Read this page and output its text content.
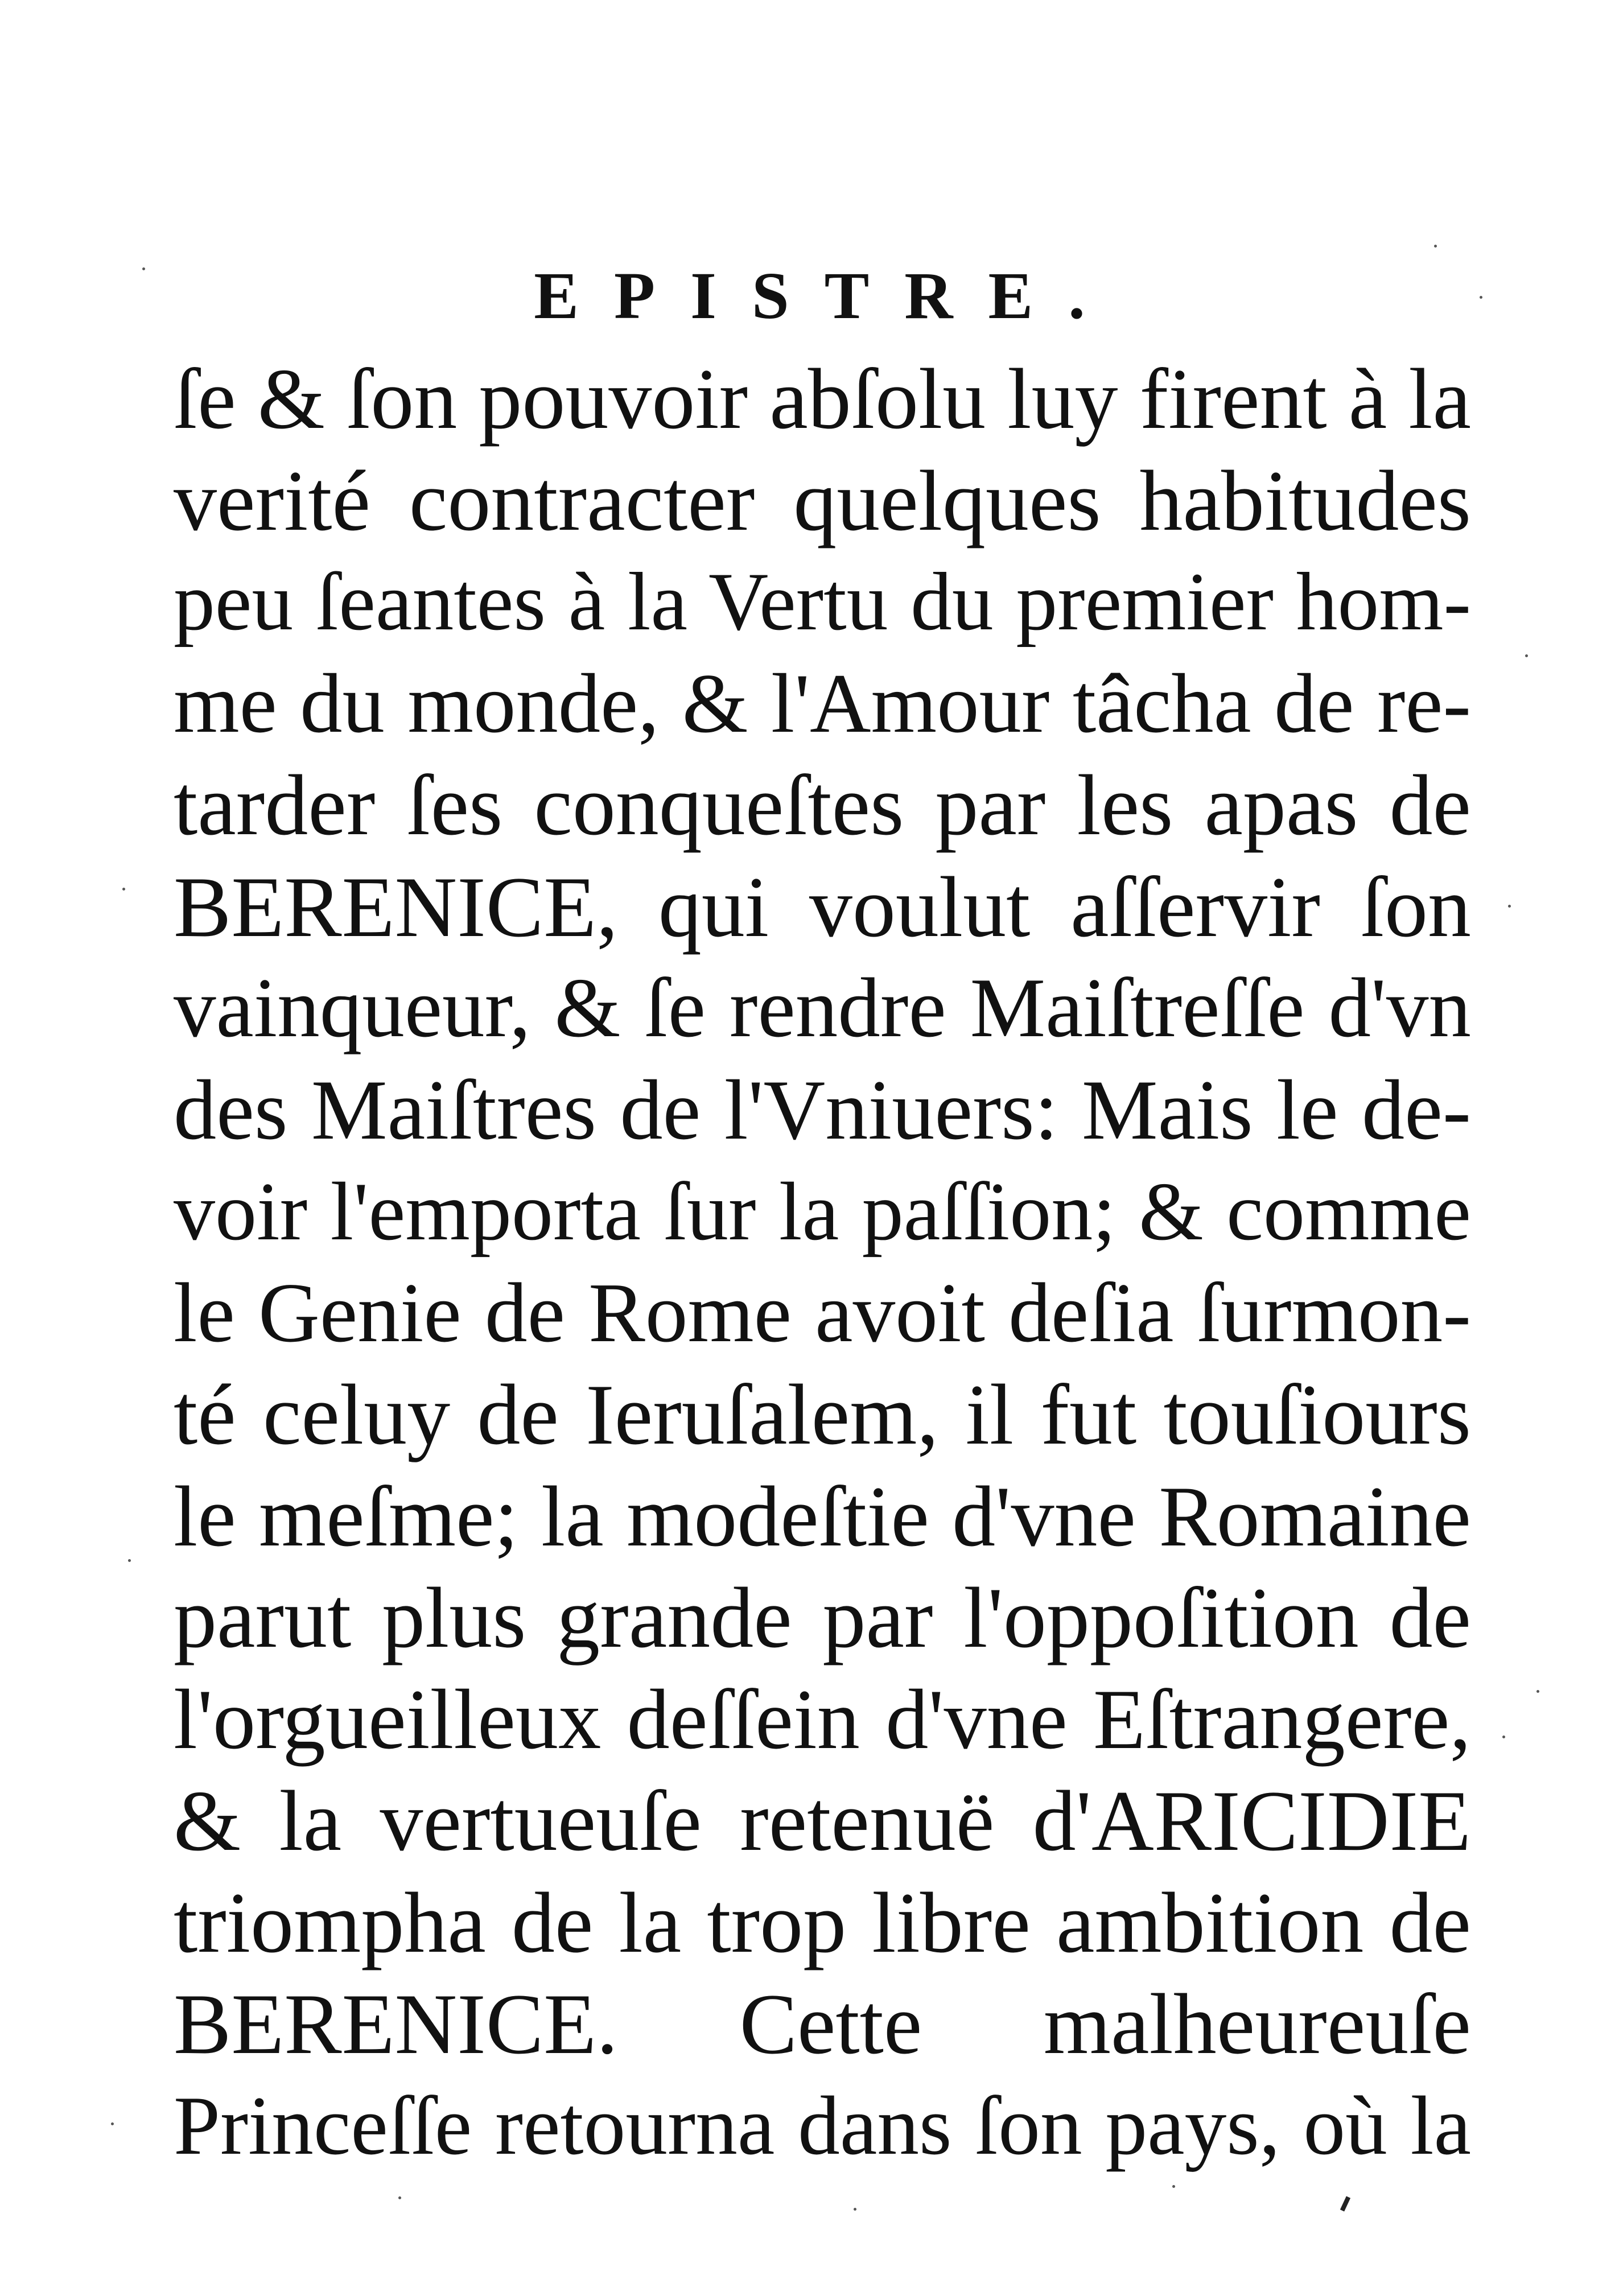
EPISTRE.
ſe & ſon pouvoir abſolu luy firent à la
verité contracter quelques habitudes
peu ſeantes à la Vertu du premier hom-
me du monde, & l'Amour tâcha de re-
tarder ſes conqueſtes par les apas de
BERENICE, qui voulut aſſervir ſon
vainqueur, & ſe rendre Maiſtreſſe d'vn
des Maiſtres de l'Vniuers: Mais le de-
voir l'emporta ſur la paſſion; & comme
le Genie de Rome avoit deſia ſurmon-
té celuy de Ieruſalem, il fut touſiours
le meſme; la modeſtie d'vne Romaine
parut plus grande par l'oppoſition de
l'orgueilleux deſſein d'vne Eſtrangere,
& la vertueuſe retenuë d'ARICIDIE
triompha de la trop libre ambition de
BERENICE. Cette malheureuſe
Princeſſe retourna dans ſon pays, où la
